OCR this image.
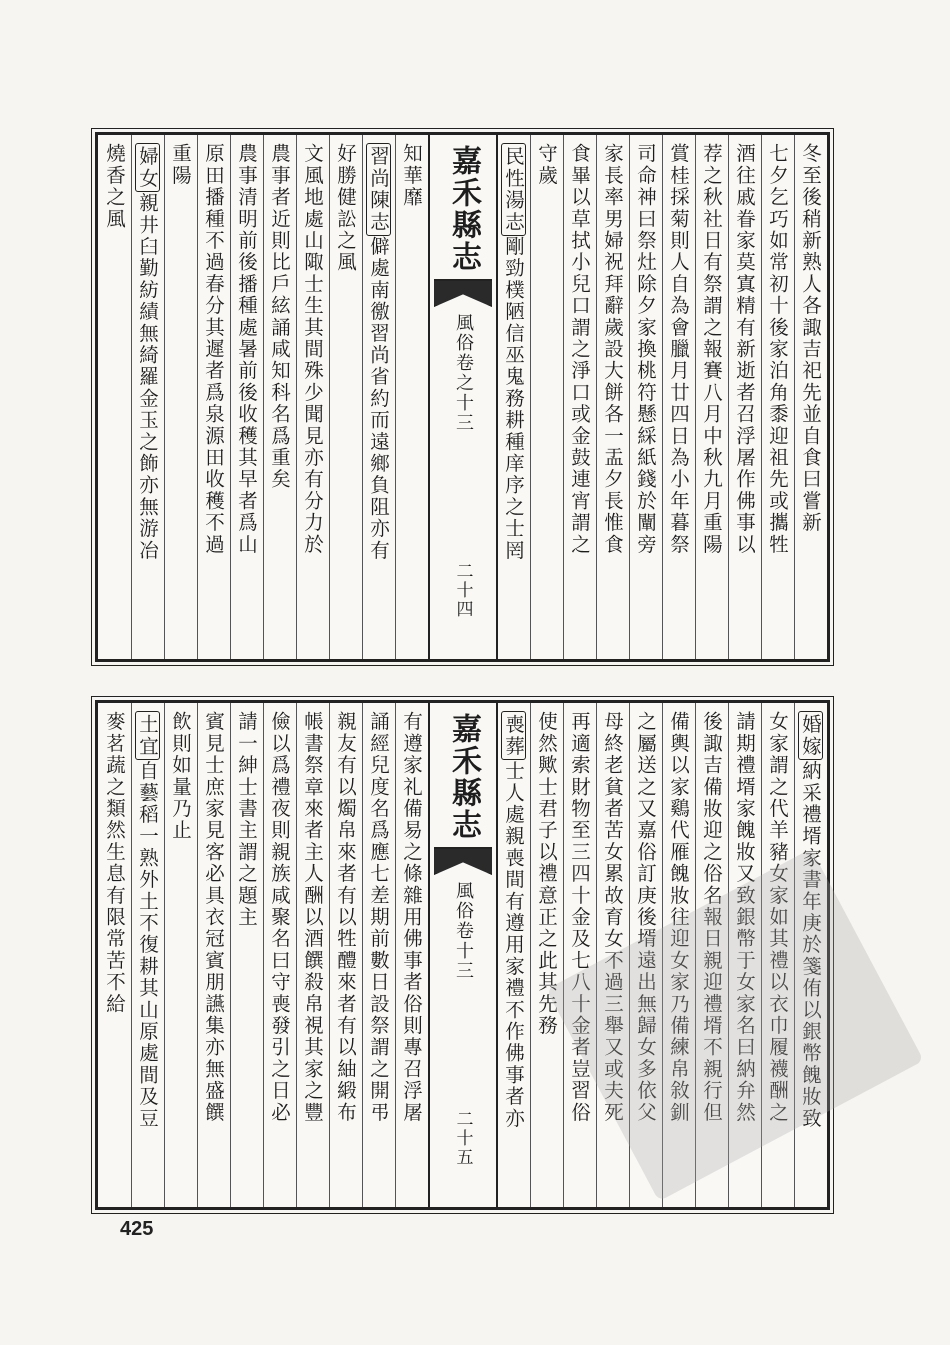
冬至後稍新熟人各諏吉祀先並自食曰嘗新
七夕乞巧如常初十後家泊角黍迎祖先或攜牲
酒往戚眷家莫寘精有新逝者召浮屠作佛事以
荐之秋社日有祭謂之報賽八月中秋九月重陽
賞桂採菊則人自為會臘月廿四日為小年暮祭
司命神曰祭灶除夕家換桃符懸綵紙錢於闡旁
家長率男婦祝拜辭歲設大餅各一盂夕長惟食
食畢以草拭小兒口謂之淨口或金鼓連宵謂之
守歲
民性湯志剛勁樸陋信巫鬼務耕種庠序之士罔
嘉禾縣志
風俗卷之十三
二十四
知華靡
習尚陳志僻處南徼習尚省約而遠鄉負阻亦有
好勝健訟之風
文風地處山陬士生其間殊少聞見亦有分力於
農事者近則比戶絃誦咸知科名爲重矣
農事清明前後播種處暑前後收穫其早者爲山
原田播種不過春分其遲者爲泉源田收穫不過
重陽
婦女親井臼勤紡績無綺羅金玉之飾亦無游冶
燒香之風
婚嫁納采禮壻家書年庚於箋侑以銀幣餽妝致
女家謂之代羊豬女家如其禮以衣巾履襪酬之
請期禮壻家餽妝又致銀幣于女家名曰納弁然
後諏吉備妝迎之俗名報日親迎禮壻不親行但
備輿以家鷄代雁餽妝往迎女家乃備練帛敘釧
之屬送之又嘉俗訂庚後壻遠出無歸女多依父
母終老貧者苦女累故育女不過三舉又或夫死
再適索財物至三四十金及七八十金者豈習俗
使然歟士君子以禮意正之此其先務
喪葬士人處親喪間有遵用家禮不作佛事者亦
嘉禾縣志
風俗卷十三
二十五
有遵家礼備易之條雜用佛事者俗則專召浮屠
誦經兒度名爲應七差期前數日設祭謂之開弔
親友有以燭帛來者有以牲醴來者有以紬緞布
帳書祭章來者主人酬以酒饌殺帛視其家之豐
儉以爲禮夜則親族咸聚名曰守喪發引之日必
請一紳士書主謂之題主
賓見士庶家見客必具衣冠賓朋讌集亦無盛饌
飲則如量乃止
土宜自藝稻一熟外土不復耕其山原處間及豆
麥茗蔬之類然生息有限常苦不給
425
